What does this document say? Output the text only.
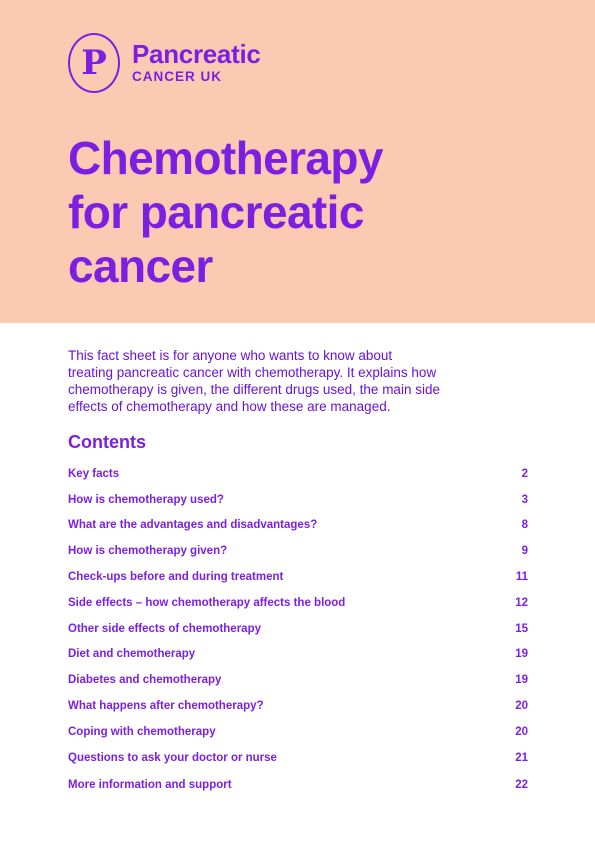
P Pancreatic
CANCER UK
Chemotherapy
for pancreatic
cancer

This fact sheet is for anyone who wants to know about
treating pancreatic cancer with chemotherapy. It explains how
chemotherapy is given, the different drugs used, the main side
effects of chemotherapy and how these are managed.

Contents
Key facts	2
How is chemotherapy used?	3
What are the advantages and disadvantages?	8
How is chemotherapy given?	9
Check-ups before and during treatment	11
Side effects – how chemotherapy affects the blood	12
Other side effects of chemotherapy	15
Diet and chemotherapy	19
Diabetes and chemotherapy	19
What happens after chemotherapy?	20
Coping with chemotherapy	20
Questions to ask your doctor or nurse	21
More information and support	22
